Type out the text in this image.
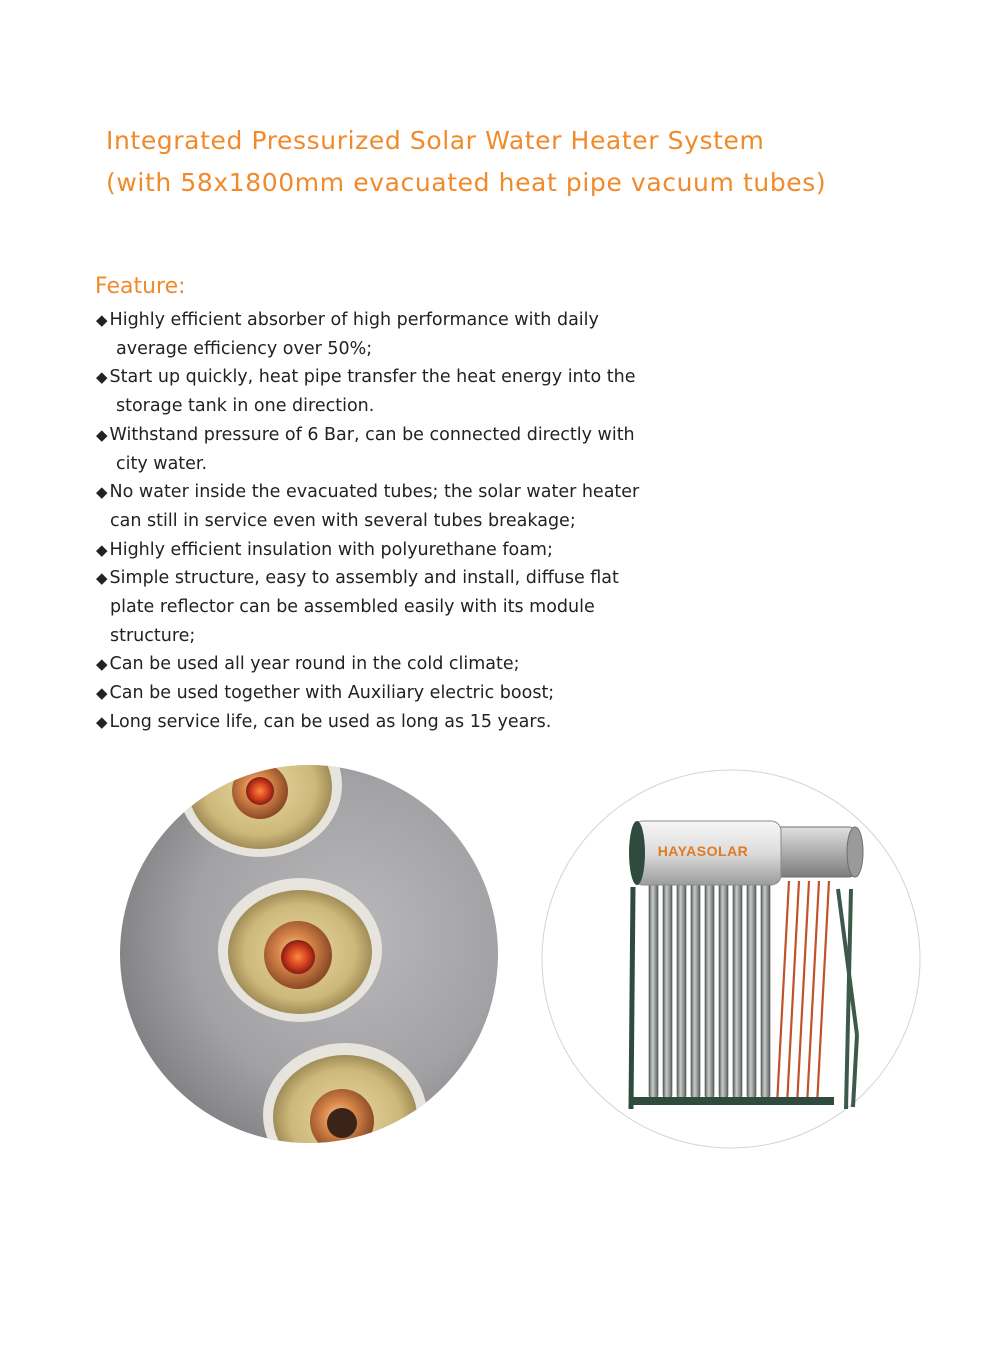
Integrated Pressurized Solar Water Heater System
(with 58x1800mm evacuated heat pipe vacuum tubes)
Feature:
◆ Highly efficient absorber of high performance with daily
average efficiency over 50%;
◆ Start up quickly, heat pipe transfer the heat energy into the
storage tank in one direction.
◆ Withstand pressure of 6 Bar, can be connected directly with
city water.
◆ No water inside the evacuated tubes; the solar water heater
can still in service even with several tubes breakage;
◆ Highly efficient insulation with polyurethane foam;
◆ Simple structure, easy to assembly and install, diffuse flat
plate reflector can be assembled easily with its module
structure;
◆ Can be used all year round in the cold climate;
◆ Can be used together with Auxiliary electric boost;
◆ Long service life, can be used as long as 15 years.
HAYASOLAR
